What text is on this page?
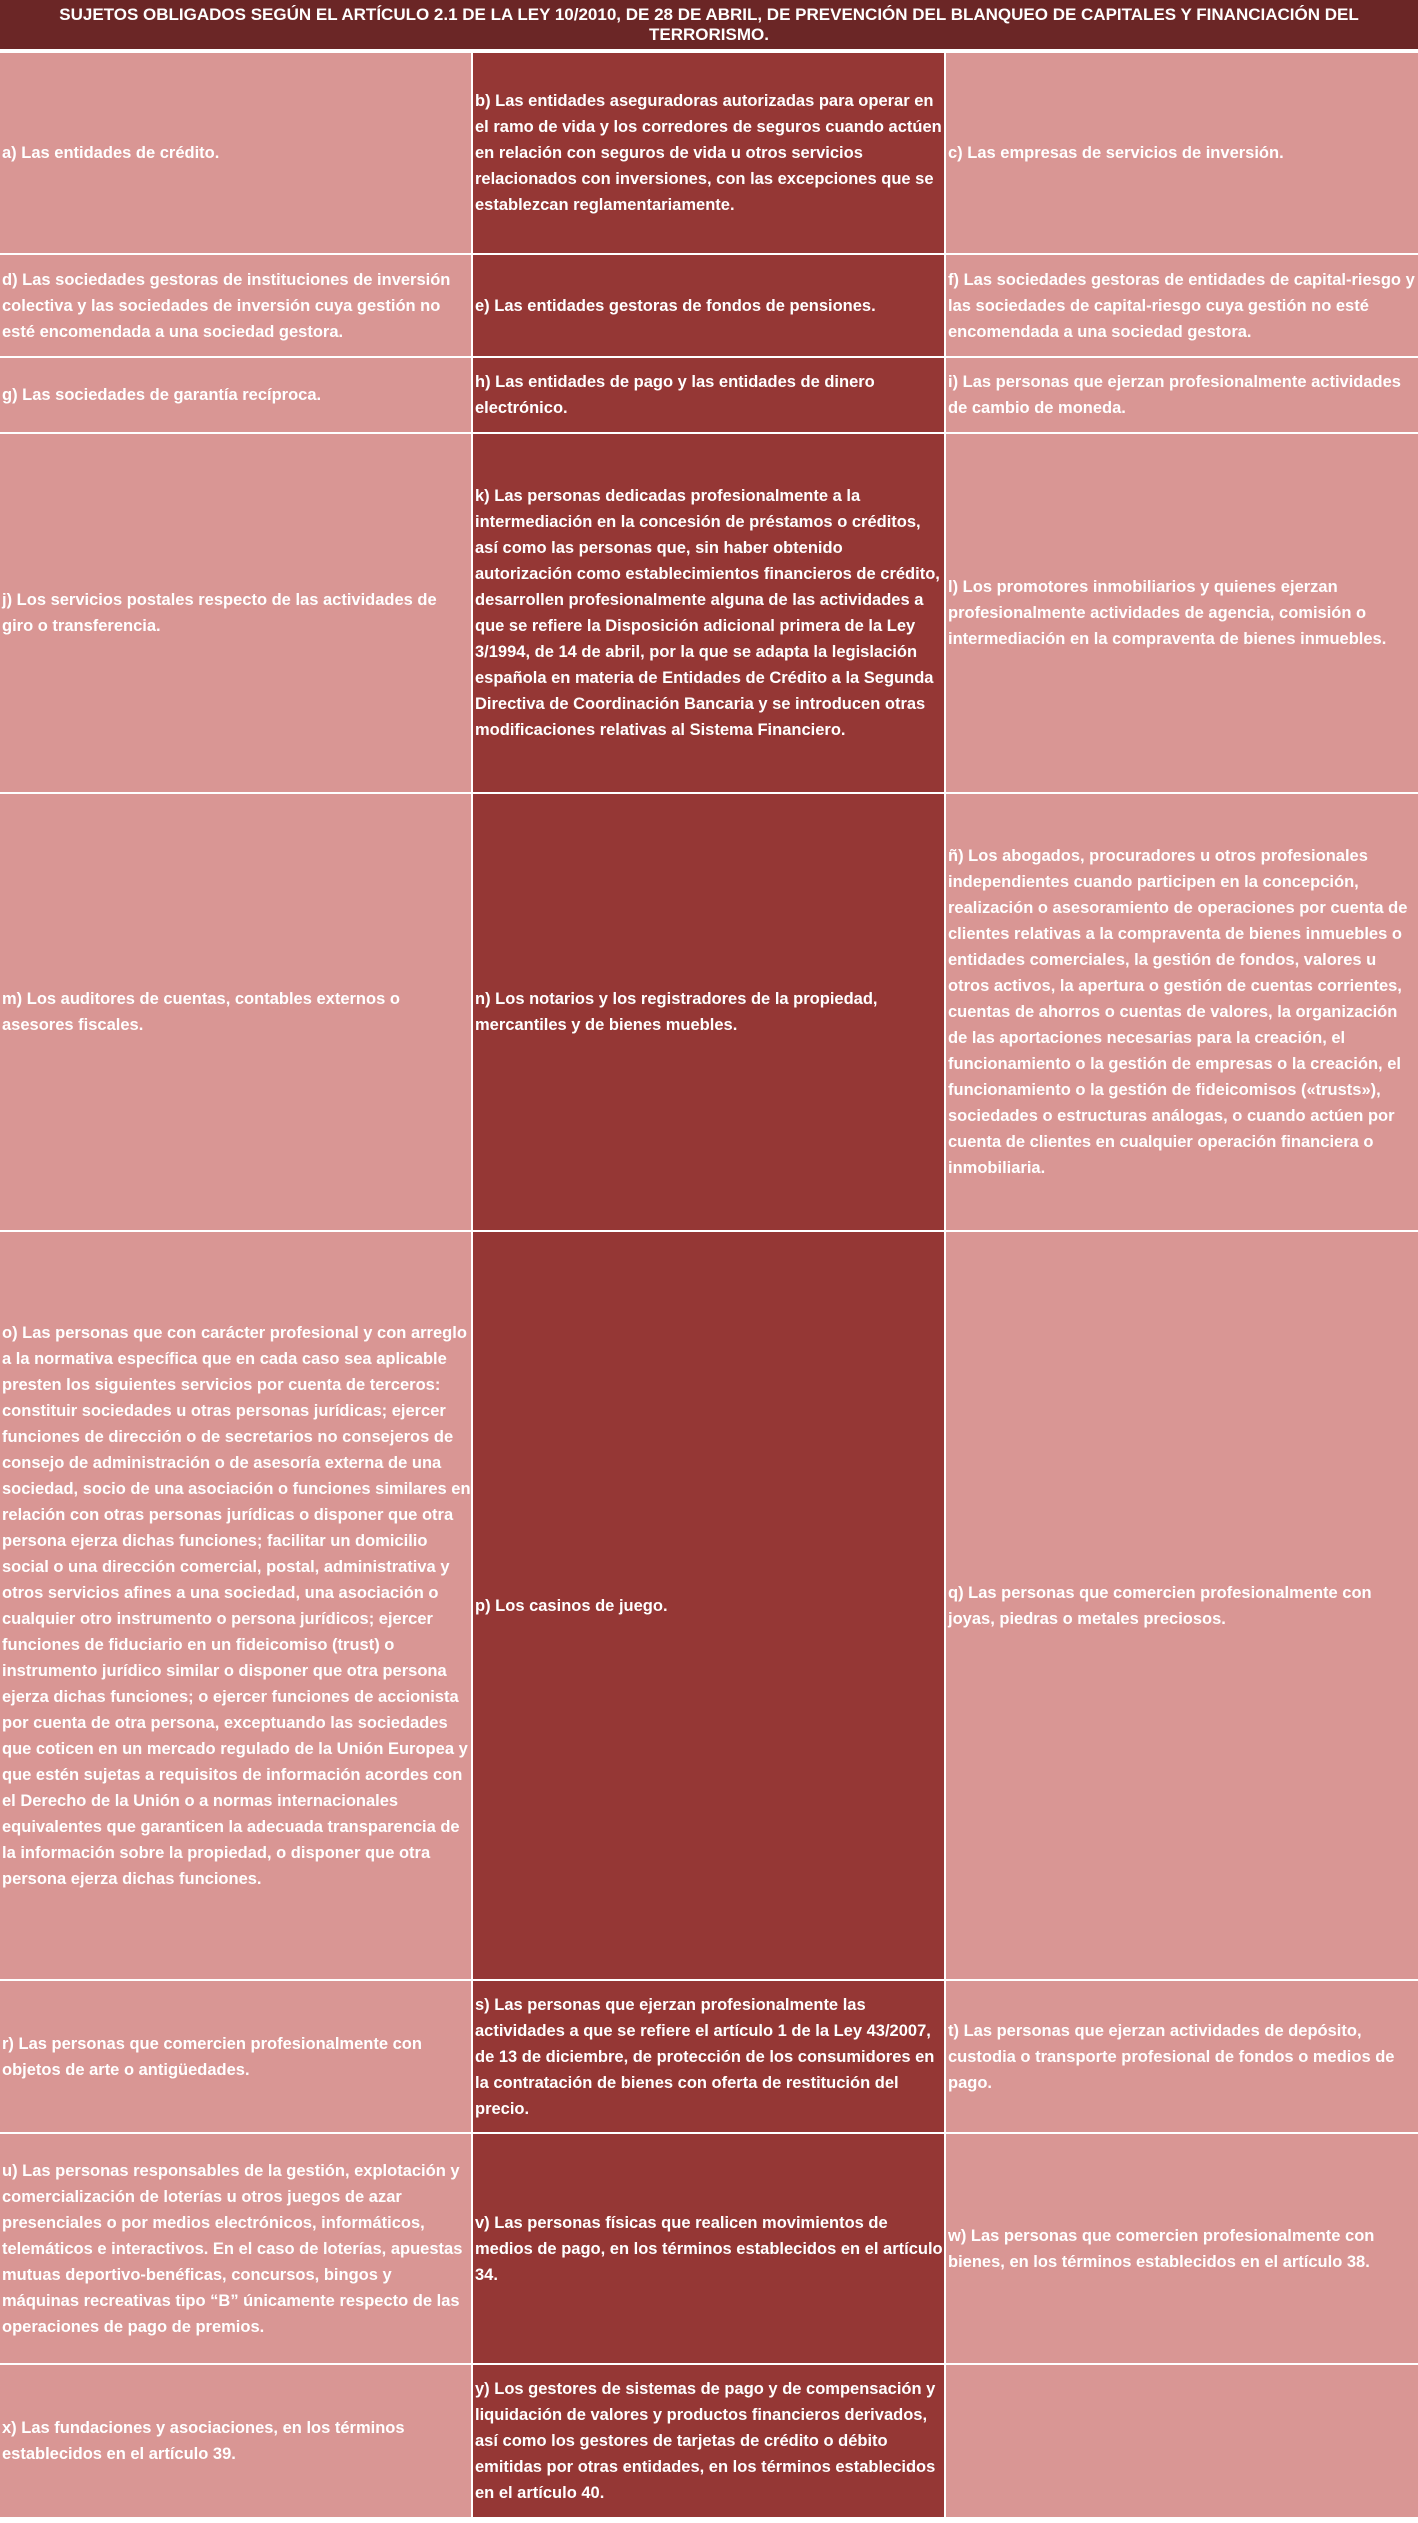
SUJETOS OBLIGADOS SEGÚN EL ARTÍCULO 2.1 DE LA LEY 10/2010, DE 28 DE ABRIL, DE PREVENCIÓN DEL BLANQUEO DE CAPITALES Y FINANCIACIÓN DEL TERRORISMO.
a) Las entidades de crédito.
b) Las entidades aseguradoras autorizadas para operar en el ramo de vida y los corredores de seguros cuando actúen en relación con seguros de vida u otros servicios relacionados con inversiones, con las excepciones que se establezcan reglamentariamente.
c) Las empresas de servicios de inversión.
d) Las sociedades gestoras de instituciones de inversión colectiva y las sociedades de inversión cuya gestión no esté encomendada a una sociedad gestora.
e) Las entidades gestoras de fondos de pensiones.
f) Las sociedades gestoras de entidades de capital-riesgo y las sociedades de capital-riesgo cuya gestión no esté encomendada a una sociedad gestora.
g) Las sociedades de garantía recíproca.
h) Las entidades de pago y las entidades de dinero electrónico.
i) Las personas que ejerzan profesionalmente actividades de cambio de moneda.
j) Los servicios postales respecto de las actividades de giro o transferencia.
k) Las personas dedicadas profesionalmente a la intermediación en la concesión de préstamos o créditos, así como las personas que, sin haber obtenido autorización como establecimientos financieros de crédito, desarrollen profesionalmente alguna de las actividades a que se refiere la Disposición adicional primera de la Ley 3/1994, de 14 de abril, por la que se adapta la legislación española en materia de Entidades de Crédito a la Segunda Directiva de Coordinación Bancaria y se introducen otras modificaciones relativas al Sistema Financiero.
l) Los promotores inmobiliarios y quienes ejerzan profesionalmente actividades de agencia, comisión o intermediación en la compraventa de bienes inmuebles.
m) Los auditores de cuentas, contables externos o asesores fiscales.
n) Los notarios y los registradores de la propiedad, mercantiles y de bienes muebles.
ñ) Los abogados, procuradores u otros profesionales independientes cuando participen en la concepción, realización o asesoramiento de operaciones por cuenta de clientes relativas a la compraventa de bienes inmuebles o entidades comerciales, la gestión de fondos, valores u otros activos, la apertura o gestión de cuentas corrientes, cuentas de ahorros o cuentas de valores, la organización de las aportaciones necesarias para la creación, el funcionamiento o la gestión de empresas o la creación, el funcionamiento o la gestión de fideicomisos («trusts»), sociedades o estructuras análogas, o cuando actúen por cuenta de clientes en cualquier operación financiera o inmobiliaria.
o) Las personas que con carácter profesional y con arreglo a la normativa específica que en cada caso sea aplicable presten los siguientes servicios por cuenta de terceros: constituir sociedades u otras personas jurídicas; ejercer funciones de dirección o de secretarios no consejeros de consejo de administración o de asesoría externa de una sociedad, socio de una asociación o funciones similares en relación con otras personas jurídicas o disponer que otra persona ejerza dichas funciones; facilitar un domicilio social o una dirección comercial, postal, administrativa y otros servicios afines a una sociedad, una asociación o cualquier otro instrumento o persona jurídicos; ejercer funciones de fiduciario en un fideicomiso (trust) o instrumento jurídico similar o disponer que otra persona ejerza dichas funciones; o ejercer funciones de accionista por cuenta de otra persona, exceptuando las sociedades que coticen en un mercado regulado de la Unión Europea y que estén sujetas a requisitos de información acordes con el Derecho de la Unión o a normas internacionales equivalentes que garanticen la adecuada transparencia de la información sobre la propiedad, o disponer que otra persona ejerza dichas funciones.
p) Los casinos de juego.
q) Las personas que comercien profesionalmente con joyas, piedras o metales preciosos.
r) Las personas que comercien profesionalmente con objetos de arte o antigüedades.
s) Las personas que ejerzan profesionalmente las actividades a que se refiere el artículo 1 de la Ley 43/2007, de 13 de diciembre, de protección de los consumidores en la contratación de bienes con oferta de restitución del precio.
t) Las personas que ejerzan actividades de depósito, custodia o transporte profesional de fondos o medios de pago.
u) Las personas responsables de la gestión, explotación y comercialización de loterías u otros juegos de azar presenciales o por medios electrónicos, informáticos, telemáticos e interactivos. En el caso de loterías, apuestas mutuas deportivo-benéficas, concursos, bingos y máquinas recreativas tipo “B” únicamente respecto de las operaciones de pago de premios.
v) Las personas físicas que realicen movimientos de medios de pago, en los términos establecidos en el artículo 34.
w) Las personas que comercien profesionalmente con bienes, en los términos establecidos en el artículo 38.
x) Las fundaciones y asociaciones, en los términos establecidos en el artículo 39.
y) Los gestores de sistemas de pago y de compensación y liquidación de valores y productos financieros derivados, así como los gestores de tarjetas de crédito o débito emitidas por otras entidades, en los términos establecidos en el artículo 40.
